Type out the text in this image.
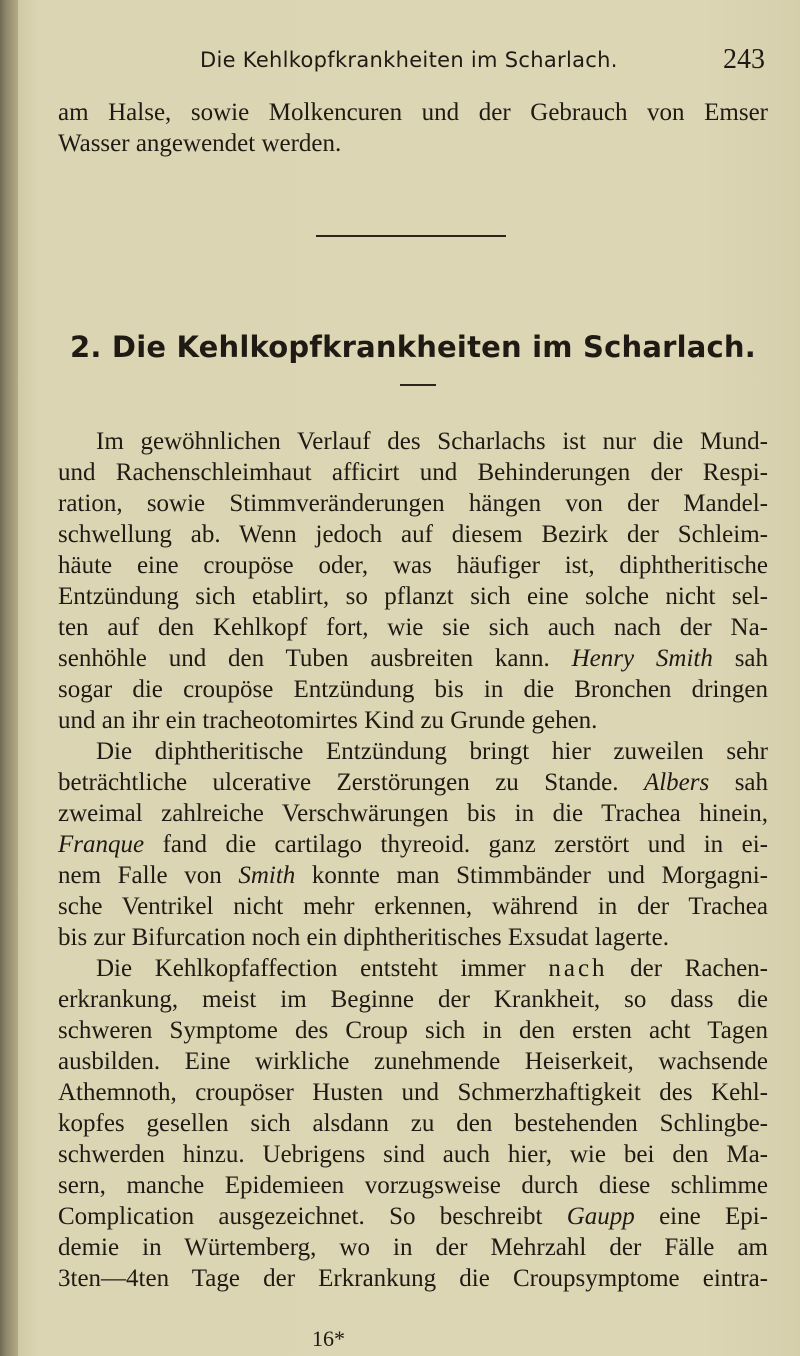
Die Kehlkopfkrankheiten im Scharlach.	243

am Halse, sowie Molkencuren und der Gebrauch von Emser

Wasser angewendet werden.

2. Die Kehlkopfkrankheiten im Scharlach.

Im gewöhnlichen Verlauf des Scharlachs ist nur die Mund-

und Rachenschleimhaut afficirt und Behinderungen der Respi-

ration, sowie Stimmveränderungen hängen von der Mandel-

schwellung ab. Wenn jedoch auf diesem Bezirk der Schleim-

häute eine croupöse oder, was häufiger ist, diphtheritische

Entzündung sich etablirt, so pflanzt sich eine solche nicht sel-

ten auf den Kehlkopf fort, wie sie sich auch nach der Na-

senhöhle und den Tuben ausbreiten kann. Henry Smith sah

sogar die croupöse Entzündung bis in die Bronchen dringen

und an ihr ein tracheotomirtes Kind zu Grunde gehen.

Die diphtheritische Entzündung bringt hier zuweilen sehr

beträchtliche ulcerative Zerstörungen zu Stande. Albers sah

zweimal zahlreiche Verschwärungen bis in die Trachea hinein,

Franque fand die cartilago thyreoid. ganz zerstört und in ei-

nem Falle von Smith konnte man Stimmbänder und Morgagni-

sche Ventrikel nicht mehr erkennen, während in der Trachea

bis zur Bifurcation noch ein diphtheritisches Exsudat lagerte.

Die Kehlkopfaffection entsteht immer nach der Rachen-

erkrankung, meist im Beginne der Krankheit, so dass die

schweren Symptome des Croup sich in den ersten acht Tagen

ausbilden. Eine wirkliche zunehmende Heiserkeit, wachsende

Athemnoth, croupöser Husten und Schmerzhaftigkeit des Kehl-

kopfes gesellen sich alsdann zu den bestehenden Schlingbe-

schwerden hinzu. Uebrigens sind auch hier, wie bei den Ma-

sern, manche Epidemieen vorzugsweise durch diese schlimme

Complication ausgezeichnet. So beschreibt Gaupp eine Epi-

demie in Würtemberg, wo in der Mehrzahl der Fälle am

3ten—4ten Tage der Erkrankung die Croupsymptome eintra-

16*
